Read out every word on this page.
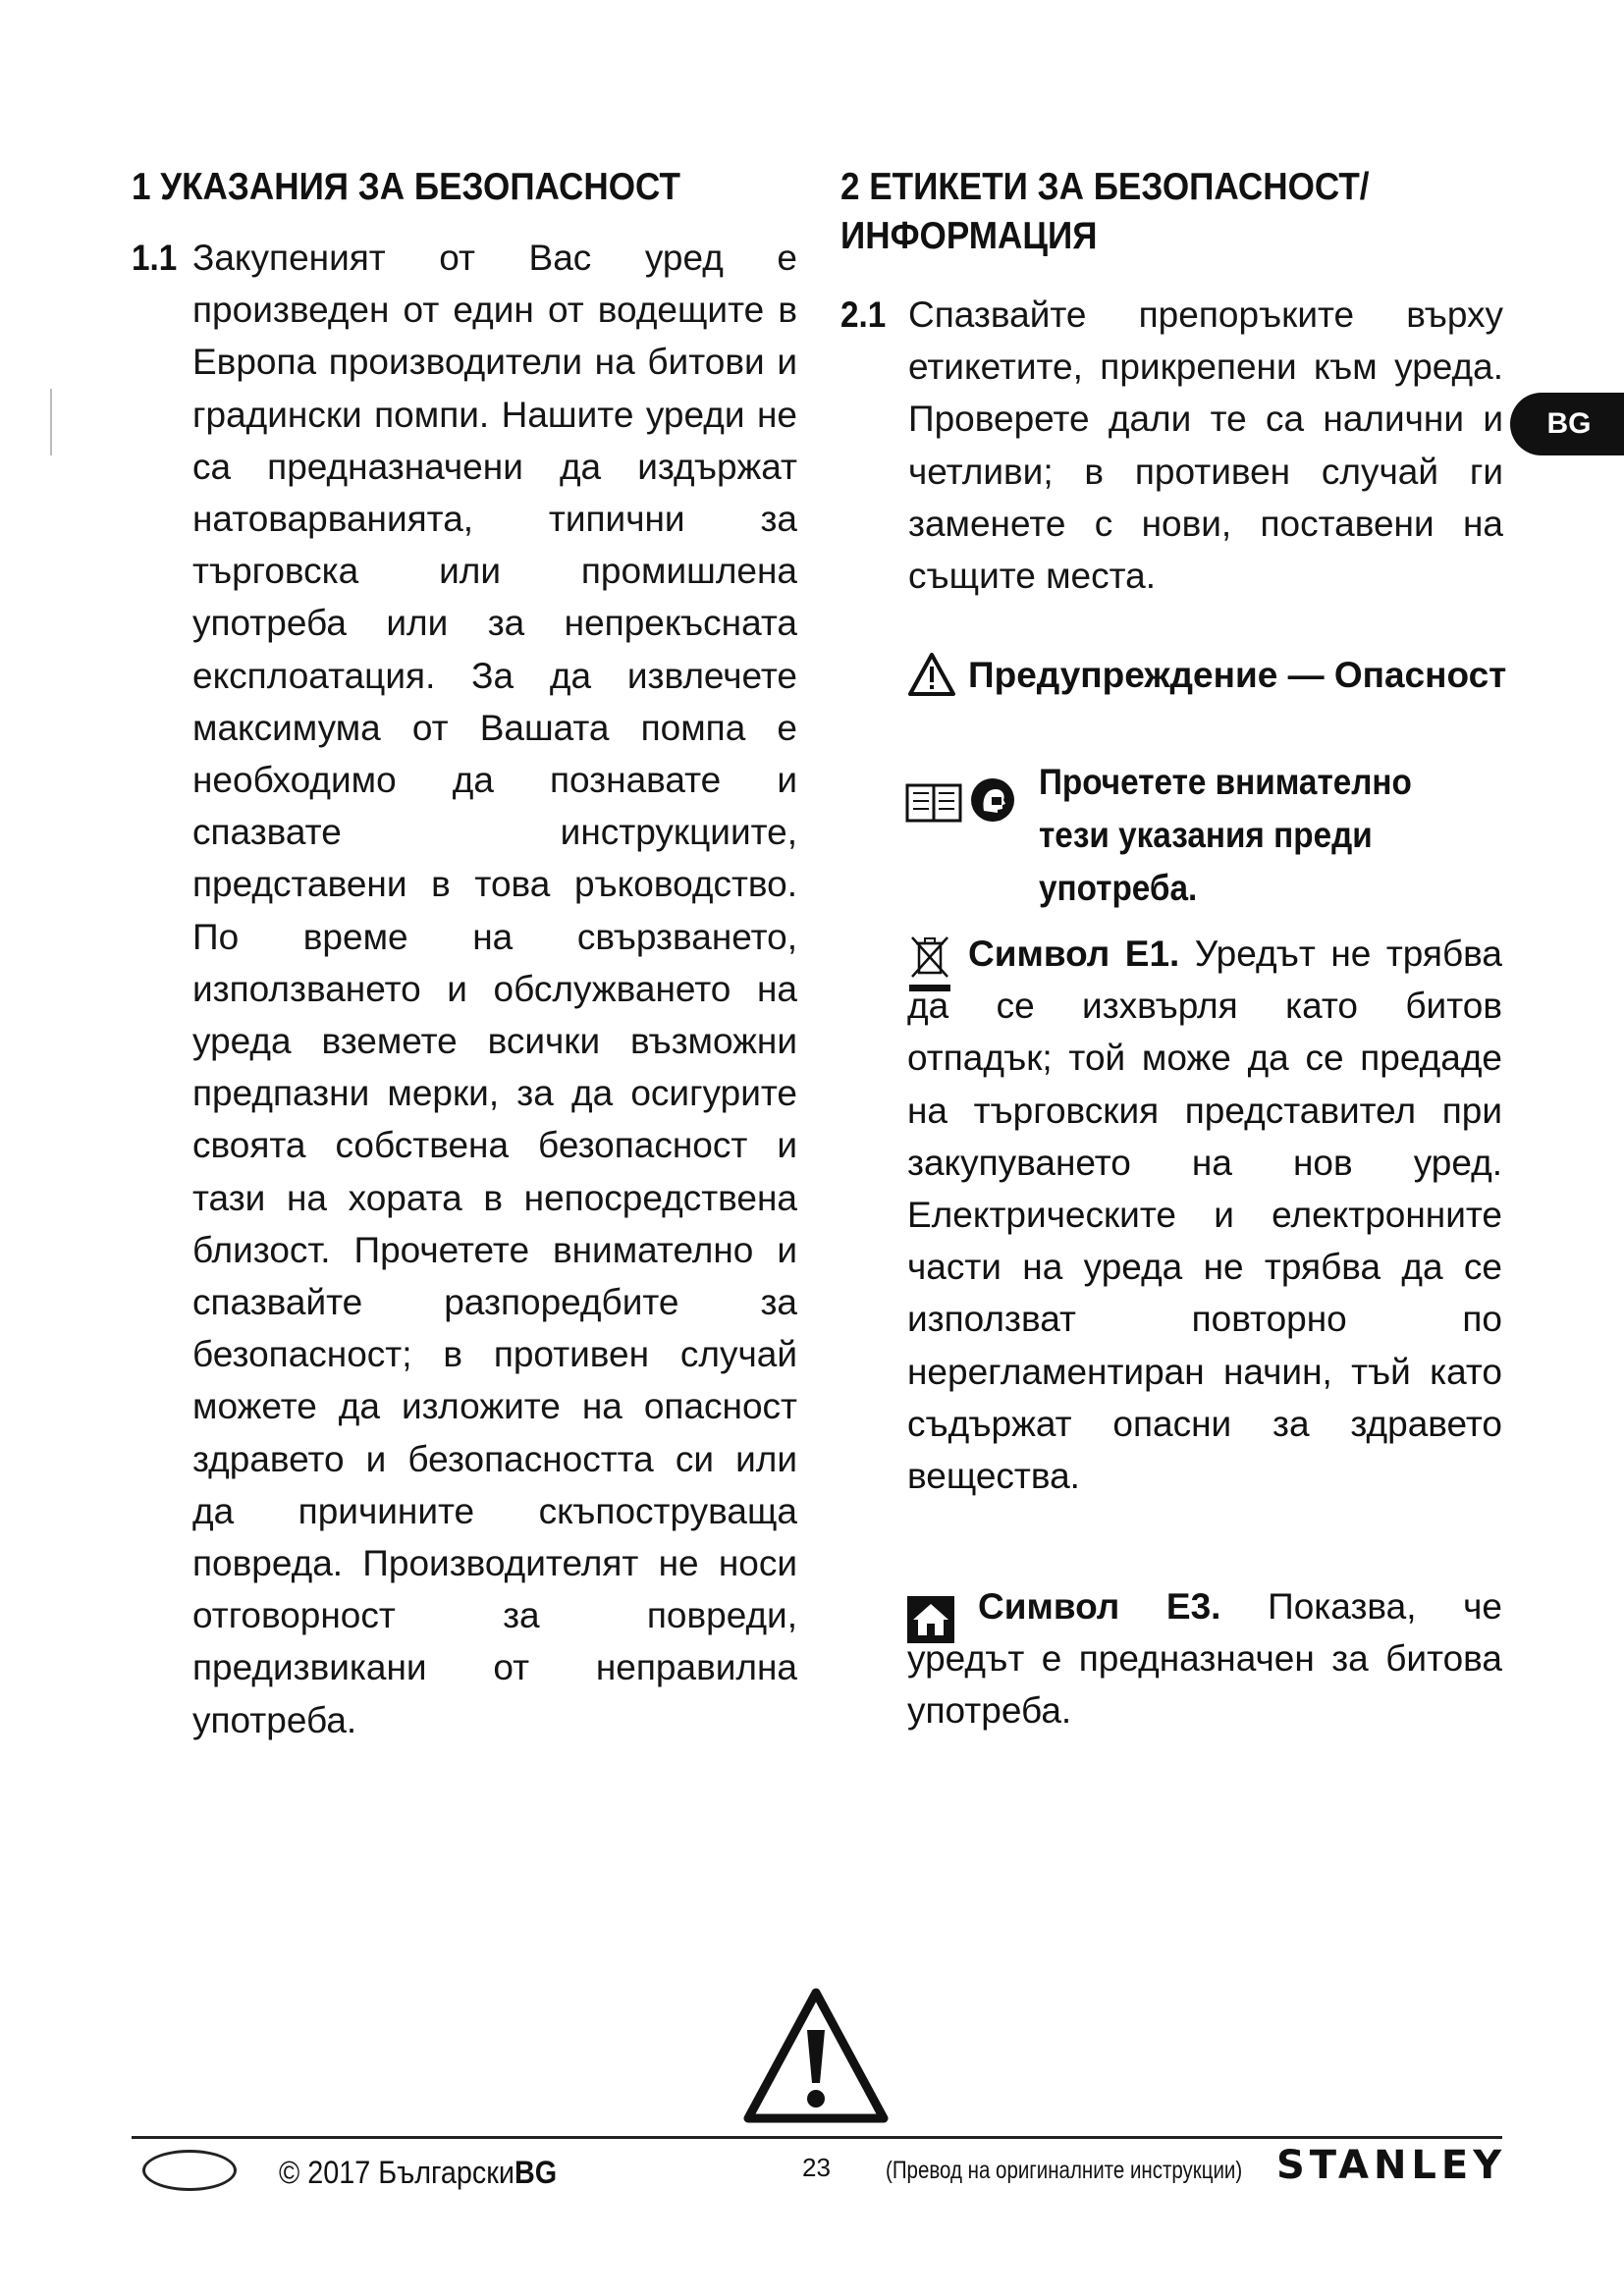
1 УКАЗАНИЯ ЗА БЕЗОПАСНОСТ
1.1 Закупеният от Вас уред е произведен от един от водещите в Европа производители на битови и градински помпи. Нашите уреди не са предназначени да издържат натоварванията, типични за търговска или промишлена употреба или за непрекъсната експлоатация. За да извлечете максимума от Вашата помпа е необходимо да познавате и спазвате инструкциите, представени в това ръководство. По време на свързването, използването и обслужването на уреда вземете всички възможни предпазни мерки, за да осигурите своята собствена безопасност и тази на хората в непосредствена близост. Прочетете внимателно и спазвайте разпоредбите за безопасност; в противен случай можете да изложите на опасност здравето и безопасността си или да причините скъпоструваща повреда. Производителят не носи отговорност за повреди, предизвикани от неправилна употреба.

2 ЕТИКЕТИ ЗА БЕЗОПАСНОСТ/ ИНФОРМАЦИЯ
2.1 Спазвайте препоръките върху етикетите, прикрепени към уреда. Проверете дали те са налични и четливи; в противен случай ги заменете с нови, поставени на същите места.

Предупреждение — Опасност
Прочетете внимателно тези указания преди употреба.

Символ E1. Уредът не трябва да се изхвърля като битов отпадък; той може да се предаде на търговския представител при закупуването на нов уред. Електрическите и електронните части на уреда не трябва да се използват повторно по нерегламентиран начин, тъй като съдържат опасни за здравето вещества.

Символ E3. Показва, че уредът е предназначен за битова употреба.

BG
© 2017 БългарскиBG	23 (Превод на оригиналните инструкции) STANLEY
